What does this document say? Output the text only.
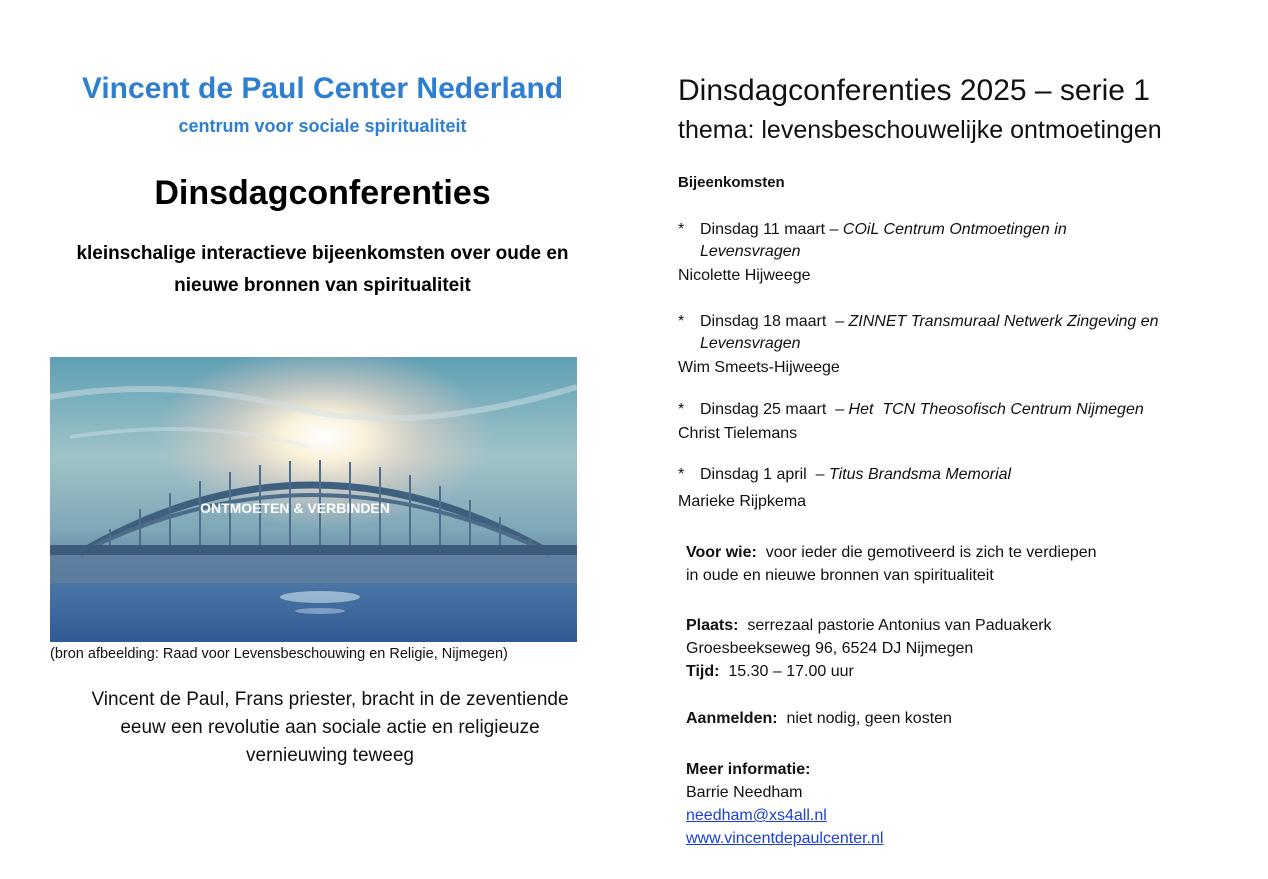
Vincent de Paul Center Nederland
centrum voor sociale spiritualiteit
Dinsdagconferenties
kleinschalige interactieve bijeenkomsten over oude en
nieuwe bronnen van spiritualiteit
ONTMOETEN & VERBINDEN
(bron afbeelding: Raad voor Levensbeschouwing en Religie, Nijmegen)
Vincent de Paul, Frans priester, bracht in de zeventiende
eeuw een revolutie aan sociale actie en religieuze
vernieuwing teweeg
Dinsdagconferenties 2025 – serie 1
thema: levensbeschouwelijke ontmoetingen
Bijeenkomsten
* Dinsdag 11 maart – COiL Centrum Ontmoetingen in Levensvragen
Nicolette Hijweege
* Dinsdag 18 maart  – ZINNET Transmuraal Netwerk Zingeving en Levensvragen
Wim Smeets-Hijweege
* Dinsdag 25 maart  – Het  TCN Theosofisch Centrum Nijmegen
Christ Tielemans
* Dinsdag 1 april  – Titus Brandsma Memorial
Marieke Rijpkema
Voor wie: voor ieder die gemotiveerd is zich te verdiepen
in oude en nieuwe bronnen van spiritualiteit
Plaats: serrezaal pastorie Antonius van Paduakerk
Groesbeekseweg 96, 6524 DJ Nijmegen
Tijd: 15.30 – 17.00 uur
Aanmelden: niet nodig, geen kosten
Meer informatie:
Barrie Needham
needham@xs4all.nl
www.vincentdepaulcenter.nl
